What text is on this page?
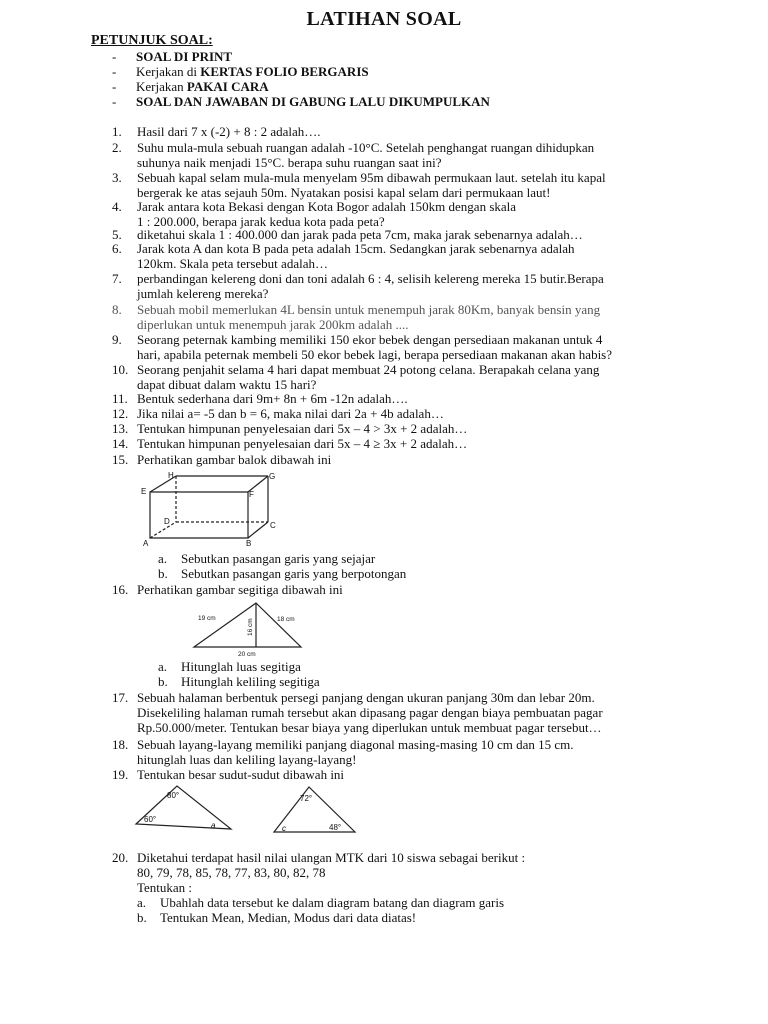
LATIHAN SOAL
PETUNJUK SOAL:
-	SOAL DI PRINT
-	Kerjakan di
KERTAS FOLIO BERGARIS
-	Kerjakan
PAKAI CARA
-	SOAL DAN JAWABAN DI GABUNG LALU DIKUMPULKAN
1. Hasil dari 7 x (-2) + 8 : 2 adalah….
2. Suhu mula-mula sebuah ruangan adalah -10°C. Setelah penghangat ruangan dihidupkan
suhunya naik menjadi 15°C. berapa suhu ruangan saat ini?
3. Sebuah kapal selam mula-mula menyelam 95m dibawah permukaan laut. setelah itu kapal
bergerak ke atas sejauh 50m. Nyatakan posisi kapal selam dari permukaan laut!
4. Jarak antara kota Bekasi dengan Kota Bogor adalah 150km dengan skala
1 : 200.000, berapa jarak kedua kota pada peta?
5. diketahui skala 1 : 400.000 dan jarak pada peta 7cm, maka jarak sebenarnya adalah…
6. Jarak kota A dan kota B pada peta adalah 15cm. Sedangkan jarak sebenarnya adalah
120km. Skala peta tersebut adalah…
7. perbandingan kelereng doni dan toni adalah 6 : 4, selisih kelereng mereka 15 butir.Berapa
jumlah kelereng mereka?
8. Sebuah mobil memerlukan 4L bensin untuk menempuh jarak 80Km, banyak bensin yang
diperlukan untuk menempuh jarak 200km adalah ....
9. Seorang peternak kambing memiliki 150 ekor bebek dengan persediaan makanan untuk 4
hari, apabila peternak membeli 50 ekor bebek lagi, berapa persediaan makanan akan habis?
10. Seorang penjahit selama 4 hari dapat membuat 24 potong celana. Berapakah celana yang
dapat dibuat dalam waktu 15 hari?
11. Bentuk sederhana dari 9m+ 8n + 6m -12n adalah….
12. Jika nilai a= -5 dan b = 6, maka nilai dari 2a + 4b adalah…
13. Tentukan himpunan penyelesaian dari 5x – 4 > 3x + 2 adalah…
14. Tentukan himpunan penyelesaian dari 5x – 4 ≥ 3x + 2 adalah…
15. Perhatikan gambar balok dibawah ini
A	B
C
D
E	F
G
H
a. Sebutkan pasangan garis yang sejajar
b. Sebutkan pasangan garis yang berpotongan
16. Perhatikan gambar segitiga dibawah ini
19 cm	18 cm
16 cm
20 cm
a. Hitunglah luas segitiga
b. Hitunglah keliling segitiga
17. Sebuah halaman berbentuk persegi panjang dengan ukuran panjang 30m dan lebar 20m.
Disekeliling halaman rumah tersebut akan dipasang pagar dengan biaya pembuatan pagar
Rp.50.000/meter. Tentukan besar biaya yang diperlukan untuk membuat pagar tersebut…
18. Sebuah layang-layang memiliki panjang diagonal masing-masing 10 cm dan 15 cm.
hitunglah luas dan keliling layang-layang!
19. Tentukan besar sudut-sudut dibawah ini
80°
60°
a
72°
c	48°
20. Diketahui terdapat hasil nilai ulangan MTK dari 10 siswa sebagai berikut :
80, 79, 78, 85, 78, 77, 83, 80, 82, 78
Tentukan :
a. Ubahlah data tersebut ke dalam diagram batang dan diagram garis
b. Tentukan Mean, Median, Modus dari data diatas!
